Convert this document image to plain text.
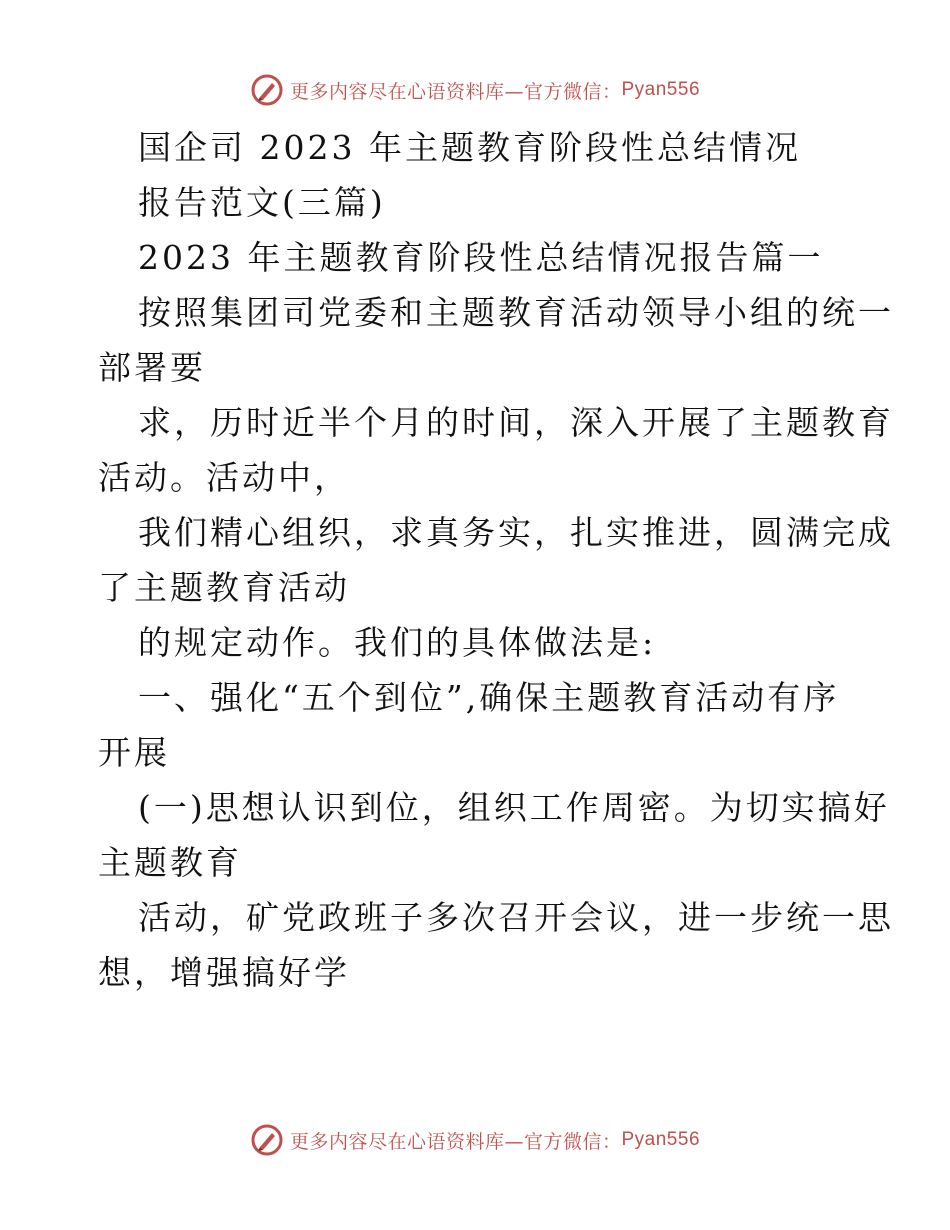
更多内容尽在心语资料库—官方微信： Pyan556
国企司 2023 年主题教育阶段性总结情况
报告范文(三篇)
2023 年主题教育阶段性总结情况报告篇一
按照集团司党委和主题教育活动领导小组的统一
部署要
求，历时近半个月的时间，深入开展了主题教育
活动。活动中，
我们精心组织，求真务实，扎实推进，圆满完成
了主题教育活动
的规定动作。我们的具体做法是:
一、强化“五个到位”,确保主题教育活动有序
开展
(一)思想认识到位，组织工作周密。为切实搞好
主题教育
活动，矿党政班子多次召开会议，进一步统一思
想，增强搞好学
更多内容尽在心语资料库—官方微信： Pyan556
